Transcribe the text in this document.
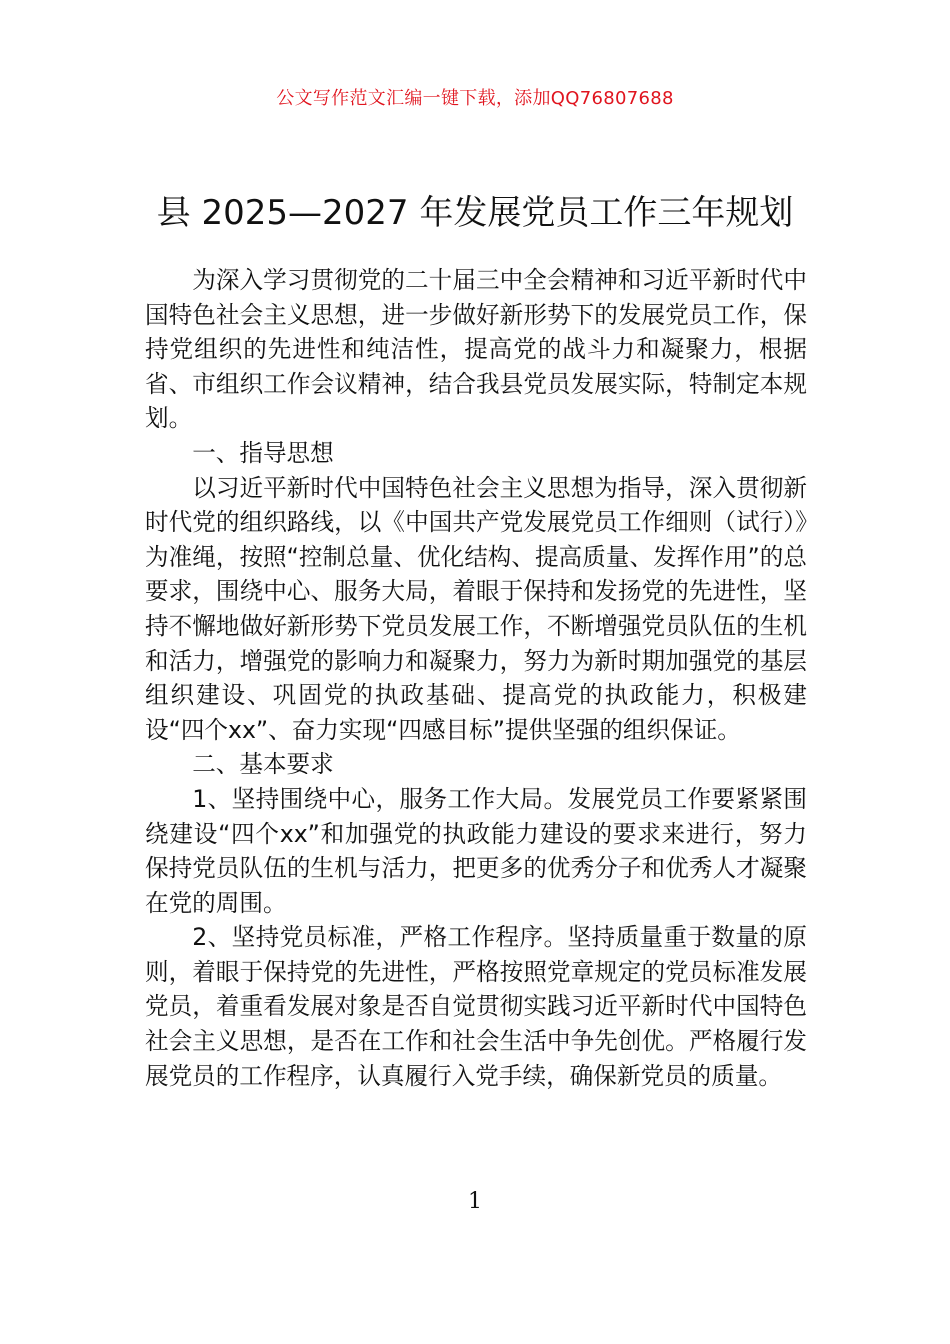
公文写作范文汇编一键下载，添加QQ76807688
县 2025—2027 年发展党员工作三年规划

为深入学习贯彻党的二十届三中全会精神和习近平新时代中国特色社会主义思想，进一步做好新形势下的发展党员工作，保持党组织的先进性和纯洁性，提高党的战斗力和凝聚力，根据省、市组织工作会议精神，结合我县党员发展实际，特制定本规划。

一、指导思想

以习近平新时代中国特色社会主义思想为指导，深入贯彻新时代党的组织路线，以《中国共产党发展党员工作细则（试行）》为准绳，按照“控制总量、优化结构、提高质量、发挥作用”的总要求，围绕中心、服务大局，着眼于保持和发扬党的先进性，坚持不懈地做好新形势下党员发展工作，不断增强党员队伍的生机和活力，增强党的影响力和凝聚力，努力为新时期加强党的基层组织建设、巩固党的执政基础、提高党的执政能力，积极建设“四个xx”、奋力实现“四感目标”提供坚强的组织保证。

二、基本要求

1、坚持围绕中心，服务工作大局。发展党员工作要紧紧围绕建设“四个xx”和加强党的执政能力建设的要求来进行，努力保持党员队伍的生机与活力，把更多的优秀分子和优秀人才凝聚在党的周围。

2、坚持党员标准，严格工作程序。坚持质量重于数量的原则，着眼于保持党的先进性，严格按照党章规定的党员标准发展党员，着重看发展对象是否自觉贯彻实践习近平新时代中国特色社会主义思想，是否在工作和社会生活中争先创优。严格履行发展党员的工作程序，认真履行入党手续，确保新党员的质量。

1
